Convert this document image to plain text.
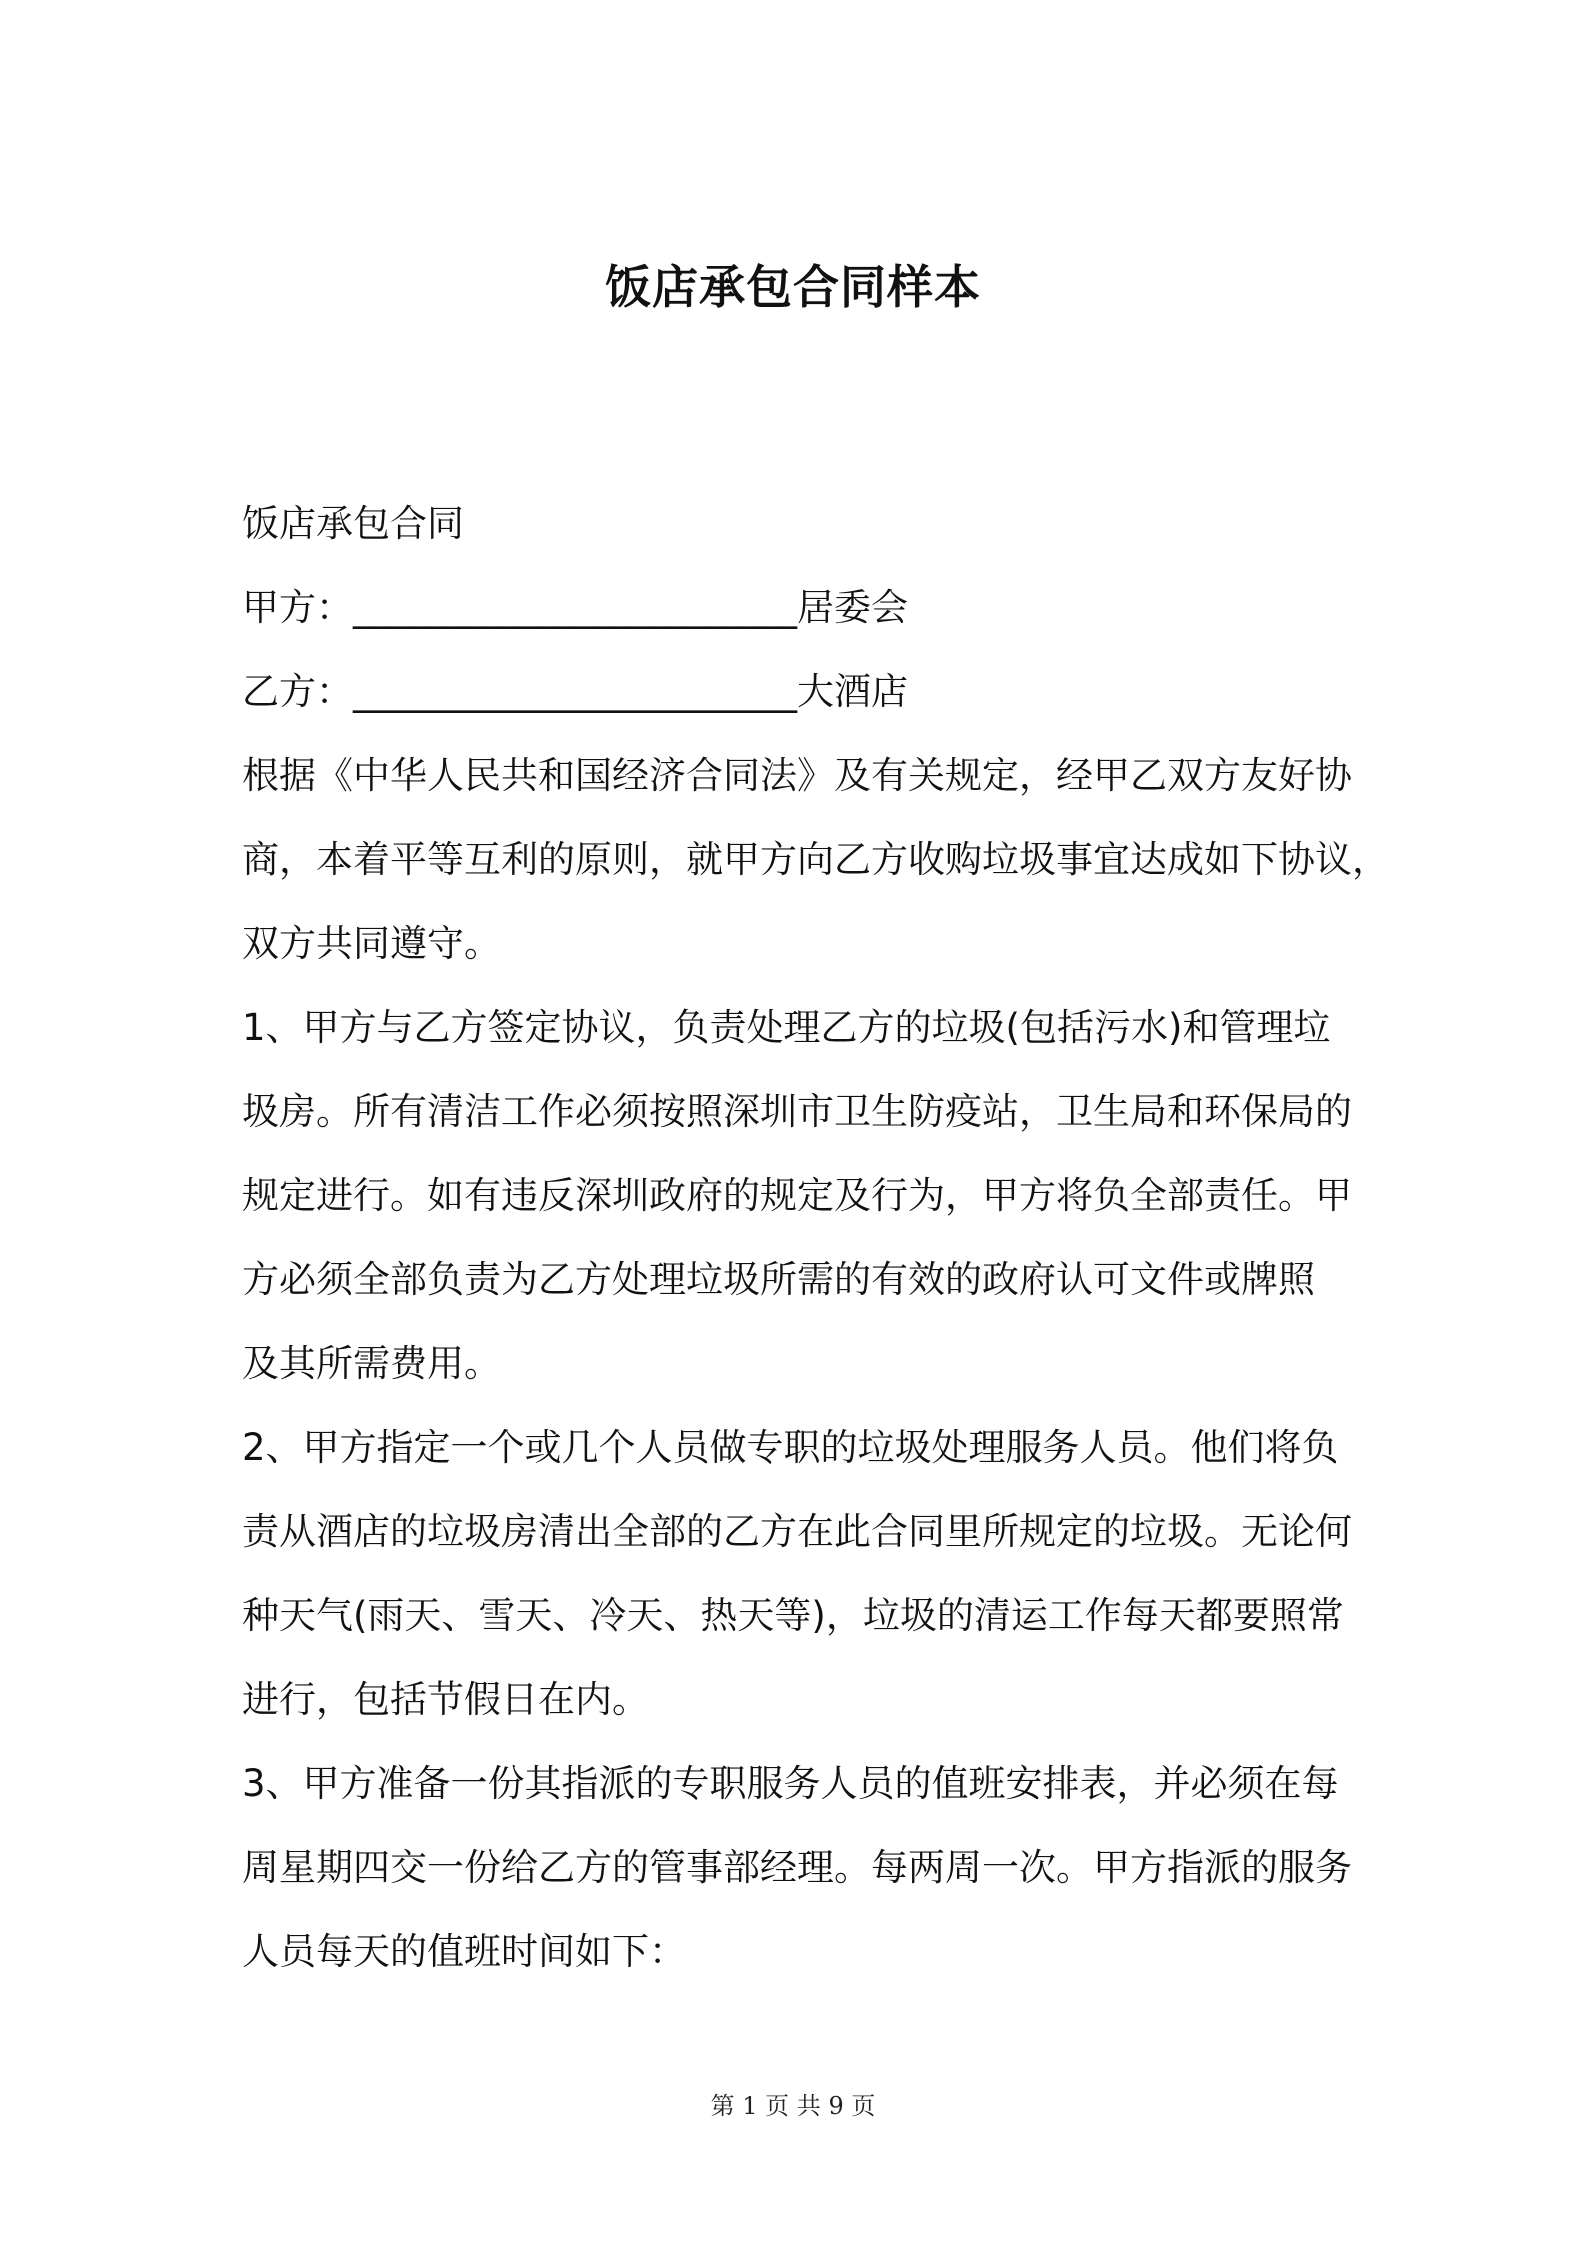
饭店承包合同样本
饭店承包合同
甲方：________________________居委会
乙方：________________________大酒店
根据《中华人民共和国经济合同法》及有关规定，经甲乙双方友好协
商，本着平等互利的原则，就甲方向乙方收购垃圾事宜达成如下协议，
双方共同遵守。
1、甲方与乙方签定协议，负责处理乙方的垃圾(包括污水)和管理垃
圾房。所有清洁工作必须按照深圳市卫生防疫站，卫生局和环保局的
规定进行。如有违反深圳政府的规定及行为，甲方将负全部责任。甲
方必须全部负责为乙方处理垃圾所需的有效的政府认可文件或牌照
及其所需费用。
2、甲方指定一个或几个人员做专职的垃圾处理服务人员。他们将负
责从酒店的垃圾房清出全部的乙方在此合同里所规定的垃圾。无论何
种天气(雨天、雪天、冷天、热天等)，垃圾的清运工作每天都要照常
进行，包括节假日在内。
3、甲方准备一份其指派的专职服务人员的值班安排表，并必须在每
周星期四交一份给乙方的管事部经理。每两周一次。甲方指派的服务
人员每天的值班时间如下：
第 1 页 共 9 页
